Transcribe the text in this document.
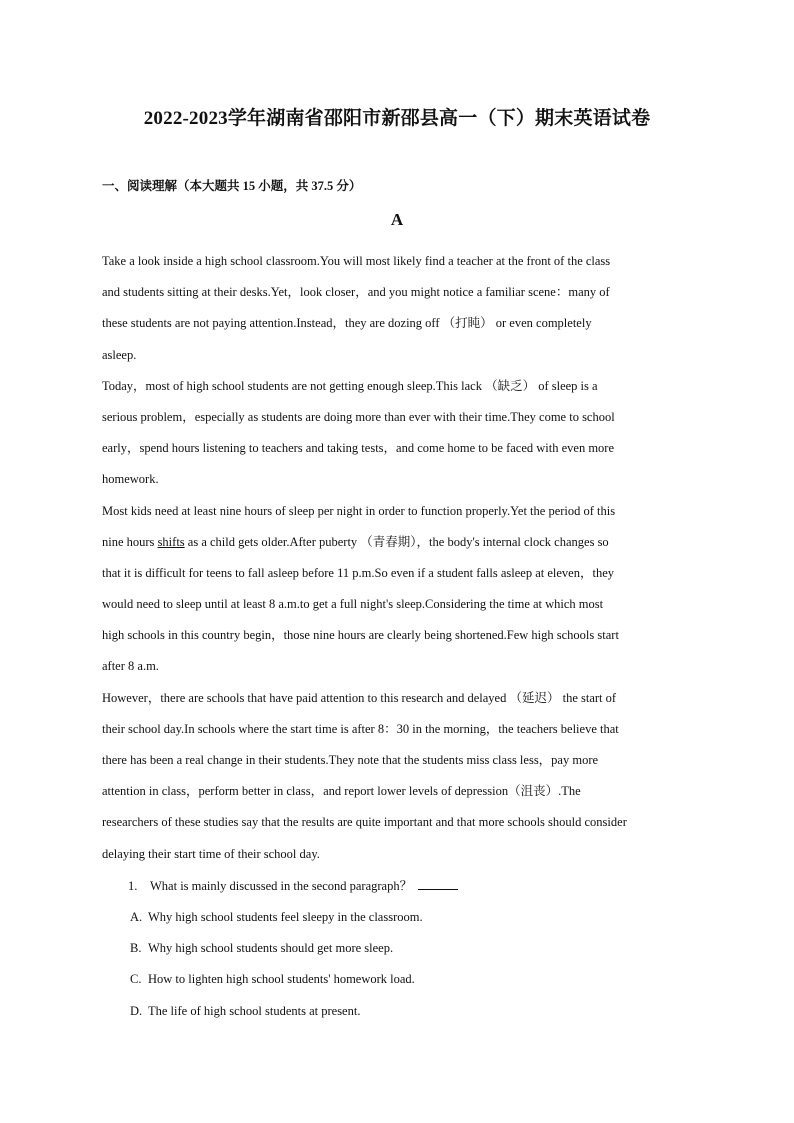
2022-2023学年湖南省邵阳市新邵县高一（下）期末英语试卷
一、阅读理解（本大题共 15 小题，共 37.5 分）
A
Take a look inside a high school classroom.You will most likely find a teacher at the front of the class
and students sitting at their desks.Yet，look closer，and you might notice a familiar scene：many of
these students are not paying attention.Instead，they are dozing off （打盹） or even completely
asleep.
Today，most of high school students are not getting enough sleep.This lack （缺乏） of sleep is a
serious problem，especially as students are doing more than ever with their time.They come to school
early，spend hours listening to teachers and taking tests，and come home to be faced with even more
homework.
Most kids need at least nine hours of sleep per night in order to function properly.Yet the period of this
nine hours shifts as a child gets older.After puberty （青春期），the body's internal clock changes so
that it is difficult for teens to fall asleep before 11 p.m.So even if a student falls asleep at eleven，they
would need to sleep until at least 8 a.m.to get a full night's sleep.Considering the time at which most
high schools in this country begin，those nine hours are clearly being shortened.Few high schools start
after 8 a.m.
However，there are schools that have paid attention to this research and delayed （延迟） the start of
their school day.In schools where the start time is after 8：30 in the morning，the teachers believe that
there has been a real change in their students.They note that the students miss class less，pay more
attention in class，perform better in class，and report lower levels of depression（沮丧）.The
researchers of these studies say that the results are quite important and that more schools should consider
delaying their start time of their school day.
1. What is mainly discussed in the second paragraph？
A. Why high school students feel sleepy in the classroom.
B. Why high school students should get more sleep.
C. How to lighten high school students' homework load.
D. The life of high school students at present.
